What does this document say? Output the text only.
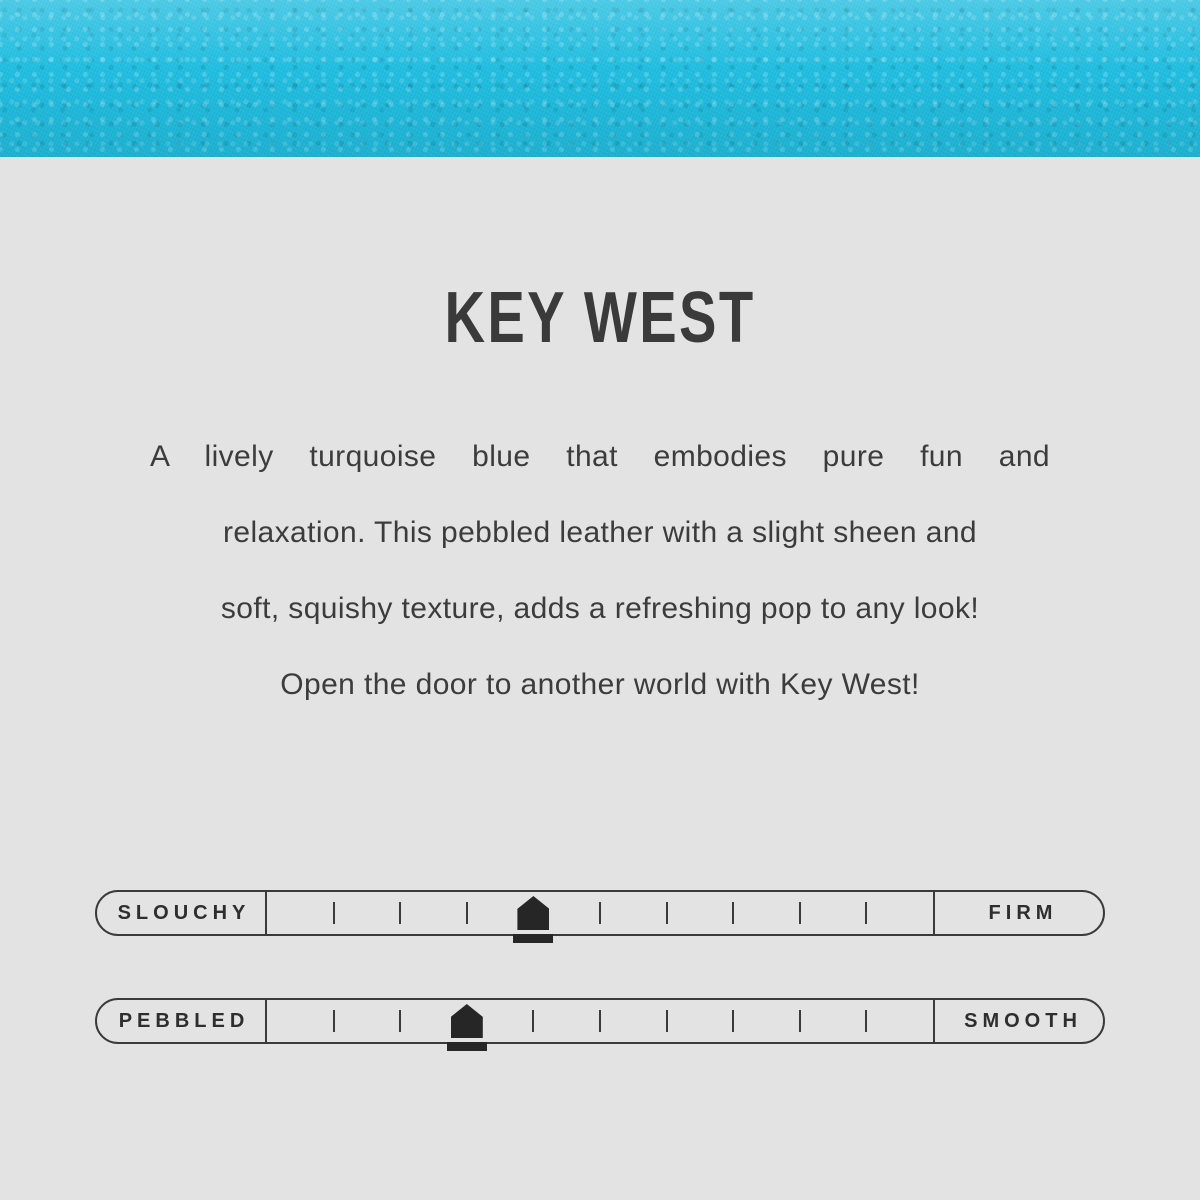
KEY WEST
A lively turquoise blue that embodies pure fun and
relaxation. This pebbled leather with a slight sheen and
soft, squishy texture, adds a refreshing pop to any look!
Open the door to another world with Key West!
SLOUCHY	FIRM
PEBBLED	SMOOTH
